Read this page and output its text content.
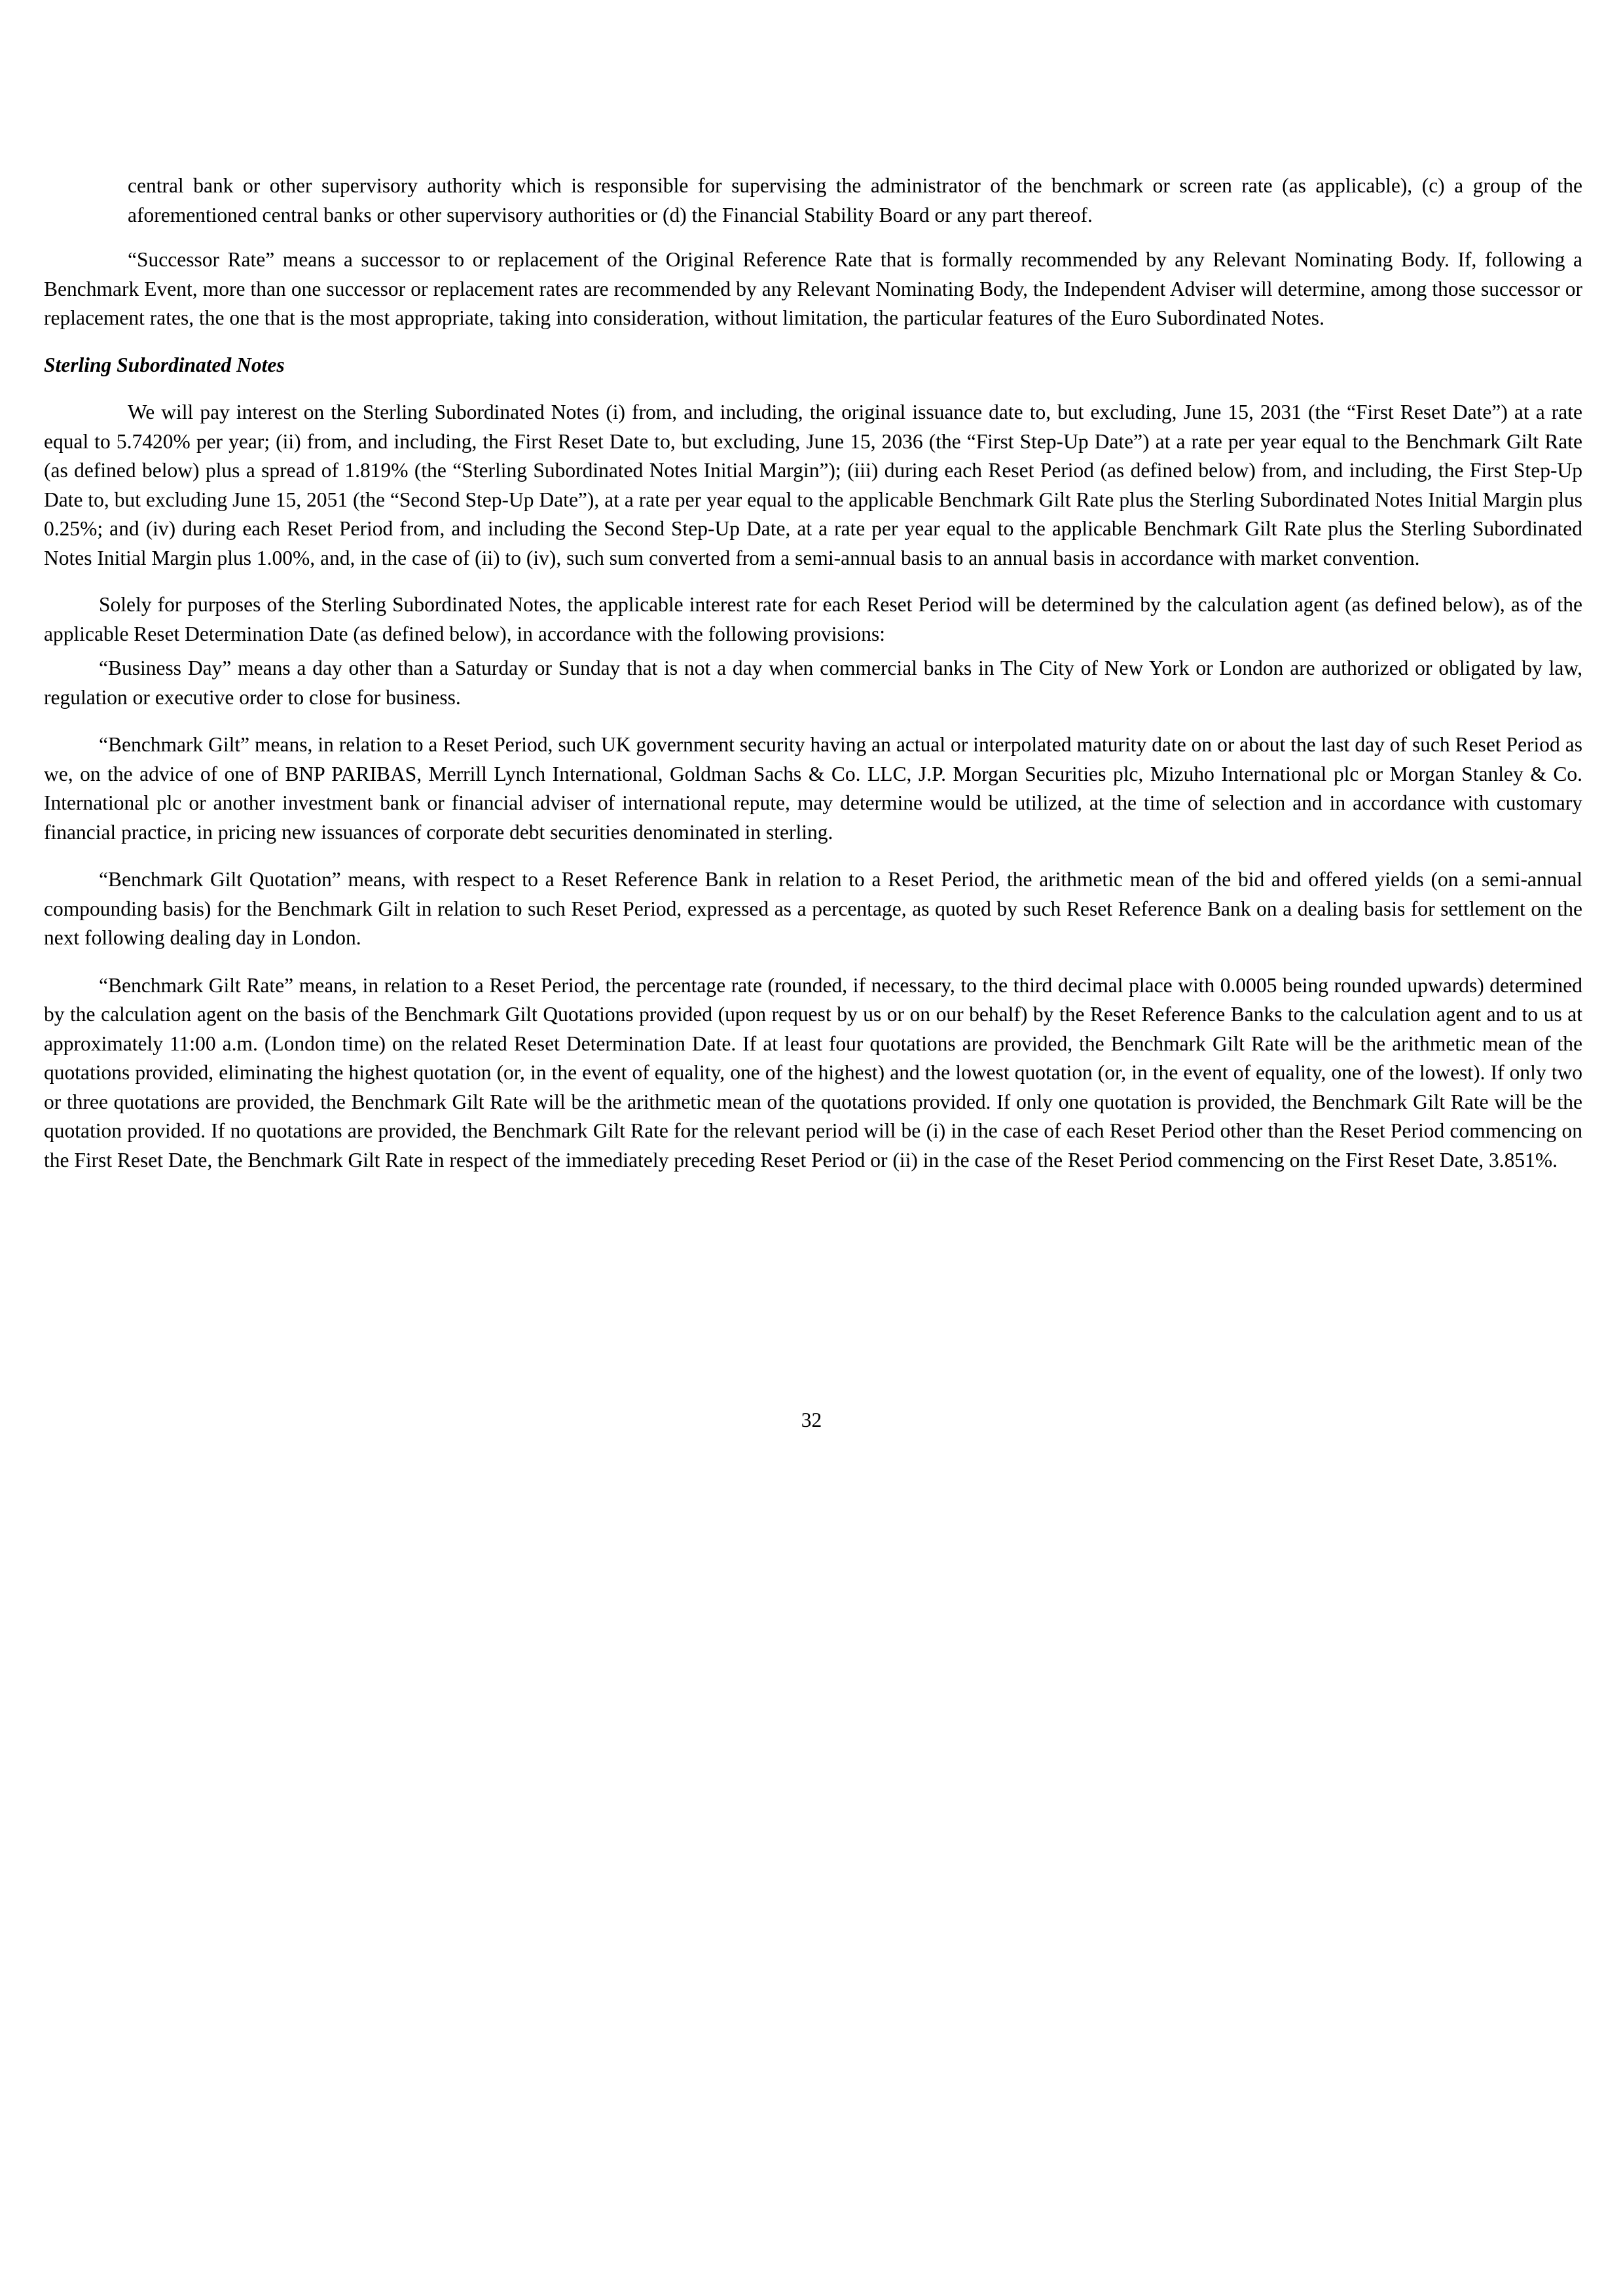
central bank or other supervisory authority which is responsible for supervising the administrator of the benchmark or screen rate (as applicable), (c) a group of the aforementioned central banks or other supervisory authorities or (d) the Financial Stability Board or any part thereof.

“Successor Rate” means a successor to or replacement of the Original Reference Rate that is formally recommended by any Relevant Nominating Body. If, following a Benchmark Event, more than one successor or replacement rates are recommended by any Relevant Nominating Body, the Independent Adviser will determine, among those successor or replacement rates, the one that is the most appropriate, taking into consideration, without limitation, the particular features of the Euro Subordinated Notes.

Sterling Subordinated Notes

We will pay interest on the Sterling Subordinated Notes (i) from, and including, the original issuance date to, but excluding, June 15, 2031 (the “First Reset Date”) at a rate equal to 5.7420% per year; (ii) from, and including, the First Reset Date to, but excluding, June 15, 2036 (the “First Step-Up Date”) at a rate per year equal to the Benchmark Gilt Rate (as defined below) plus a spread of 1.819% (the “Sterling Subordinated Notes Initial Margin”); (iii) during each Reset Period (as defined below) from, and including, the First Step-Up Date to, but excluding June 15, 2051 (the “Second Step-Up Date”), at a rate per year equal to the applicable Benchmark Gilt Rate plus the Sterling Subordinated Notes Initial Margin plus 0.25%; and (iv) during each Reset Period from, and including the Second Step-Up Date, at a rate per year equal to the applicable Benchmark Gilt Rate plus the Sterling Subordinated Notes Initial Margin plus 1.00%, and, in the case of (ii) to (iv), such sum converted from a semi-annual basis to an annual basis in accordance with market convention.

Solely for purposes of the Sterling Subordinated Notes, the applicable interest rate for each Reset Period will be determined by the calculation agent (as defined below), as of the applicable Reset Determination Date (as defined below), in accordance with the following provisions:

“Business Day” means a day other than a Saturday or Sunday that is not a day when commercial banks in The City of New York or London are authorized or obligated by law, regulation or executive order to close for business.

“Benchmark Gilt” means, in relation to a Reset Period, such UK government security having an actual or interpolated maturity date on or about the last day of such Reset Period as we, on the advice of one of BNP PARIBAS, Merrill Lynch International, Goldman Sachs & Co. LLC, J.P. Morgan Securities plc, Mizuho International plc or Morgan Stanley & Co. International plc or another investment bank or financial adviser of international repute, may determine would be utilized, at the time of selection and in accordance with customary financial practice, in pricing new issuances of corporate debt securities denominated in sterling.

“Benchmark Gilt Quotation” means, with respect to a Reset Reference Bank in relation to a Reset Period, the arithmetic mean of the bid and offered yields (on a semi-annual compounding basis) for the Benchmark Gilt in relation to such Reset Period, expressed as a percentage, as quoted by such Reset Reference Bank on a dealing basis for settlement on the next following dealing day in London.

“Benchmark Gilt Rate” means, in relation to a Reset Period, the percentage rate (rounded, if necessary, to the third decimal place with 0.0005 being rounded upwards) determined by the calculation agent on the basis of the Benchmark Gilt Quotations provided (upon request by us or on our behalf) by the Reset Reference Banks to the calculation agent and to us at approximately 11:00 a.m. (London time) on the related Reset Determination Date. If at least four quotations are provided, the Benchmark Gilt Rate will be the arithmetic mean of the quotations provided, eliminating the highest quotation (or, in the event of equality, one of the highest) and the lowest quotation (or, in the event of equality, one of the lowest). If only two or three quotations are provided, the Benchmark Gilt Rate will be the arithmetic mean of the quotations provided. If only one quotation is provided, the Benchmark Gilt Rate will be the quotation provided. If no quotations are provided, the Benchmark Gilt Rate for the relevant period will be (i) in the case of each Reset Period other than the Reset Period commencing on the First Reset Date, the Benchmark Gilt Rate in respect of the immediately preceding Reset Period or (ii) in the case of the Reset Period commencing on the First Reset Date, 3.851%.

32
